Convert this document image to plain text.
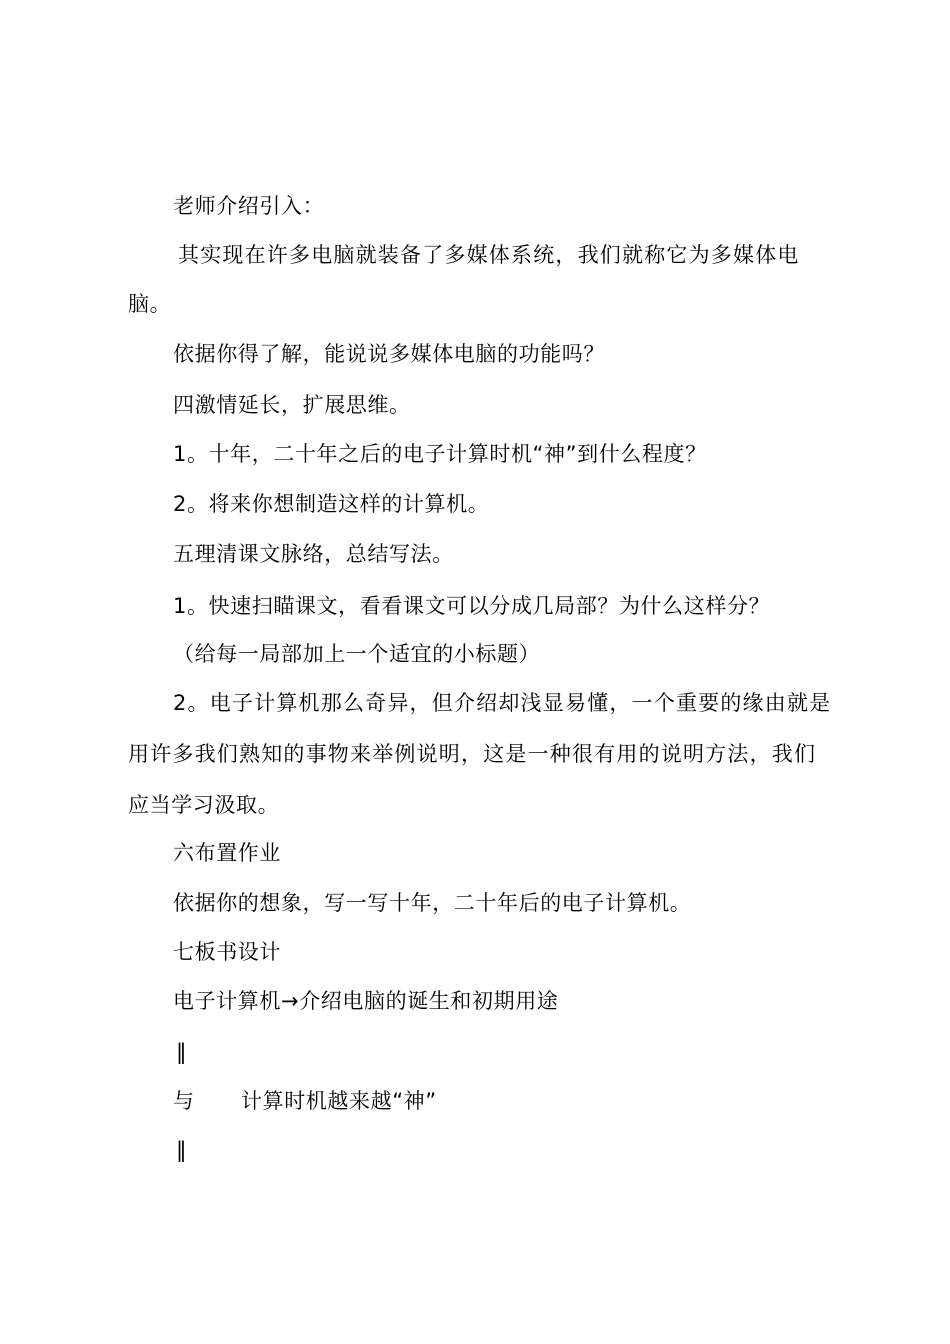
老师介绍引入：
其实现在许多电脑就装备了多媒体系统，我们就称它为多媒体电
脑。
依据你得了解，能说说多媒体电脑的功能吗？
四激情延长，扩展思维。
1。十年，二十年之后的电子计算时机“神”到什么程度？
2。将来你想制造这样的计算机。
五理清课文脉络，总结写法。
1。快速扫瞄课文，看看课文可以分成几局部？为什么这样分？
（给每一局部加上一个适宜的小标题）
2。电子计算机那么奇异，但介绍却浅显易懂，一个重要的缘由就是
用许多我们熟知的事物来举例说明，这是一种很有用的说明方法，我们
应当学习汲取。
六布置作业
依据你的想象，写一写十年，二十年后的电子计算机。
七板书设计
电子计算机→介绍电脑的诞生和初期用途
‖
与 计算时机越来越“神”
‖
